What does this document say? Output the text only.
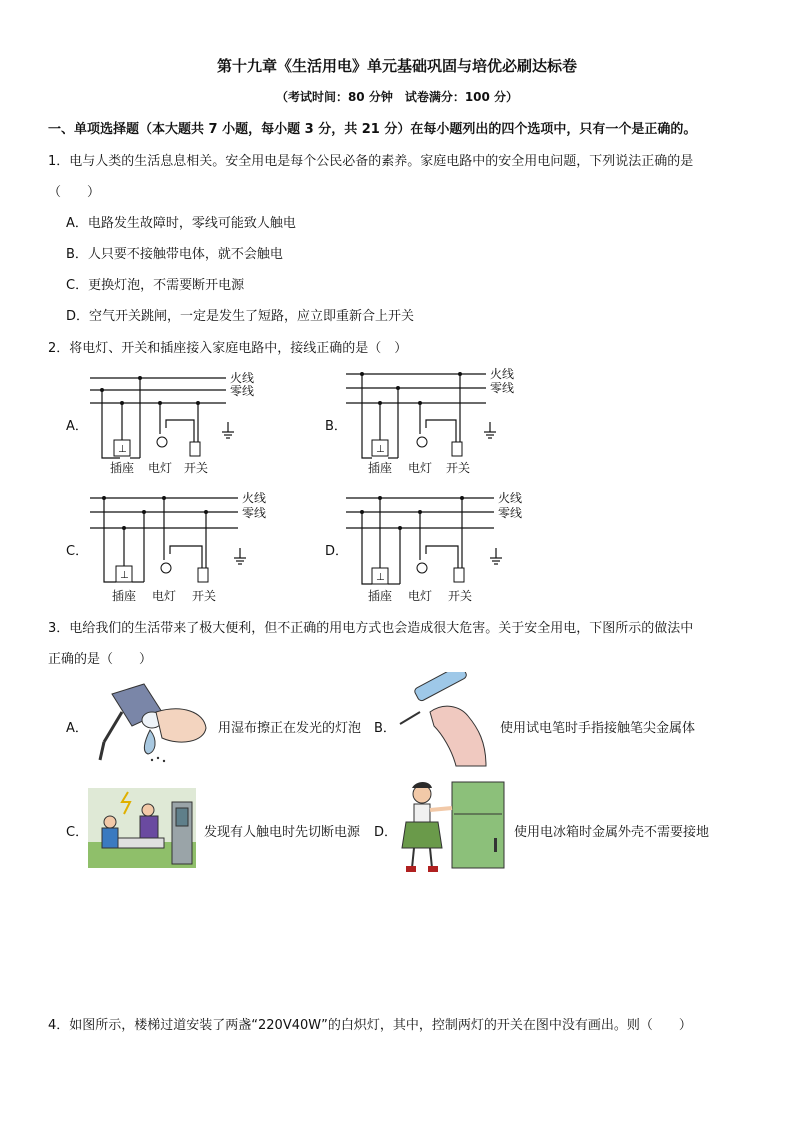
第十九章《生活用电》单元基础巩固与培优必刷达标卷
（考试时间：80 分钟　试卷满分：100 分）
一、单项选择题（本大题共 7 小题，每小题 3 分，共 21 分）在每小题列出的四个选项中，只有一个是正确的。
1．电与人类的生活息息相关。安全用电是每个公民必备的素养。家庭电路中的安全用电问题，下列说法正确的是
（　　）
A．电路发生故障时，零线可能致人触电
B．人只要不接触带电体，就不会触电
C．更换灯泡，不需要断开电源
D．空气开关跳闸，一定是发生了短路，应立即重新合上开关
2．将电灯、开关和插座接入家庭电路中，接线正确的是（　）
A．
火线
零线
⊥
插座 电灯 开关
B．
火线
零线
⊥
插座 电灯 开关
C．
火线
零线
⊥
插座 电灯 开关
D．
火线
零线
⊥
插座 电灯 开关
3．电给我们的生活带来了极大便利，但不正确的用电方式也会造成很大危害。关于安全用电，下图所示的做法中
正确的是（　　）
A．	用湿布擦正在发光的灯泡 B．	使用试电笔时手指接触笔尖金属体
C．	发现有人触电时先切断电源 D．	使用电冰箱时金属外壳不需要接地
4．如图所示，楼梯过道安装了两盏“220V40W”的白炽灯，其中，控制两灯的开关在图中没有画出。则（　　）
